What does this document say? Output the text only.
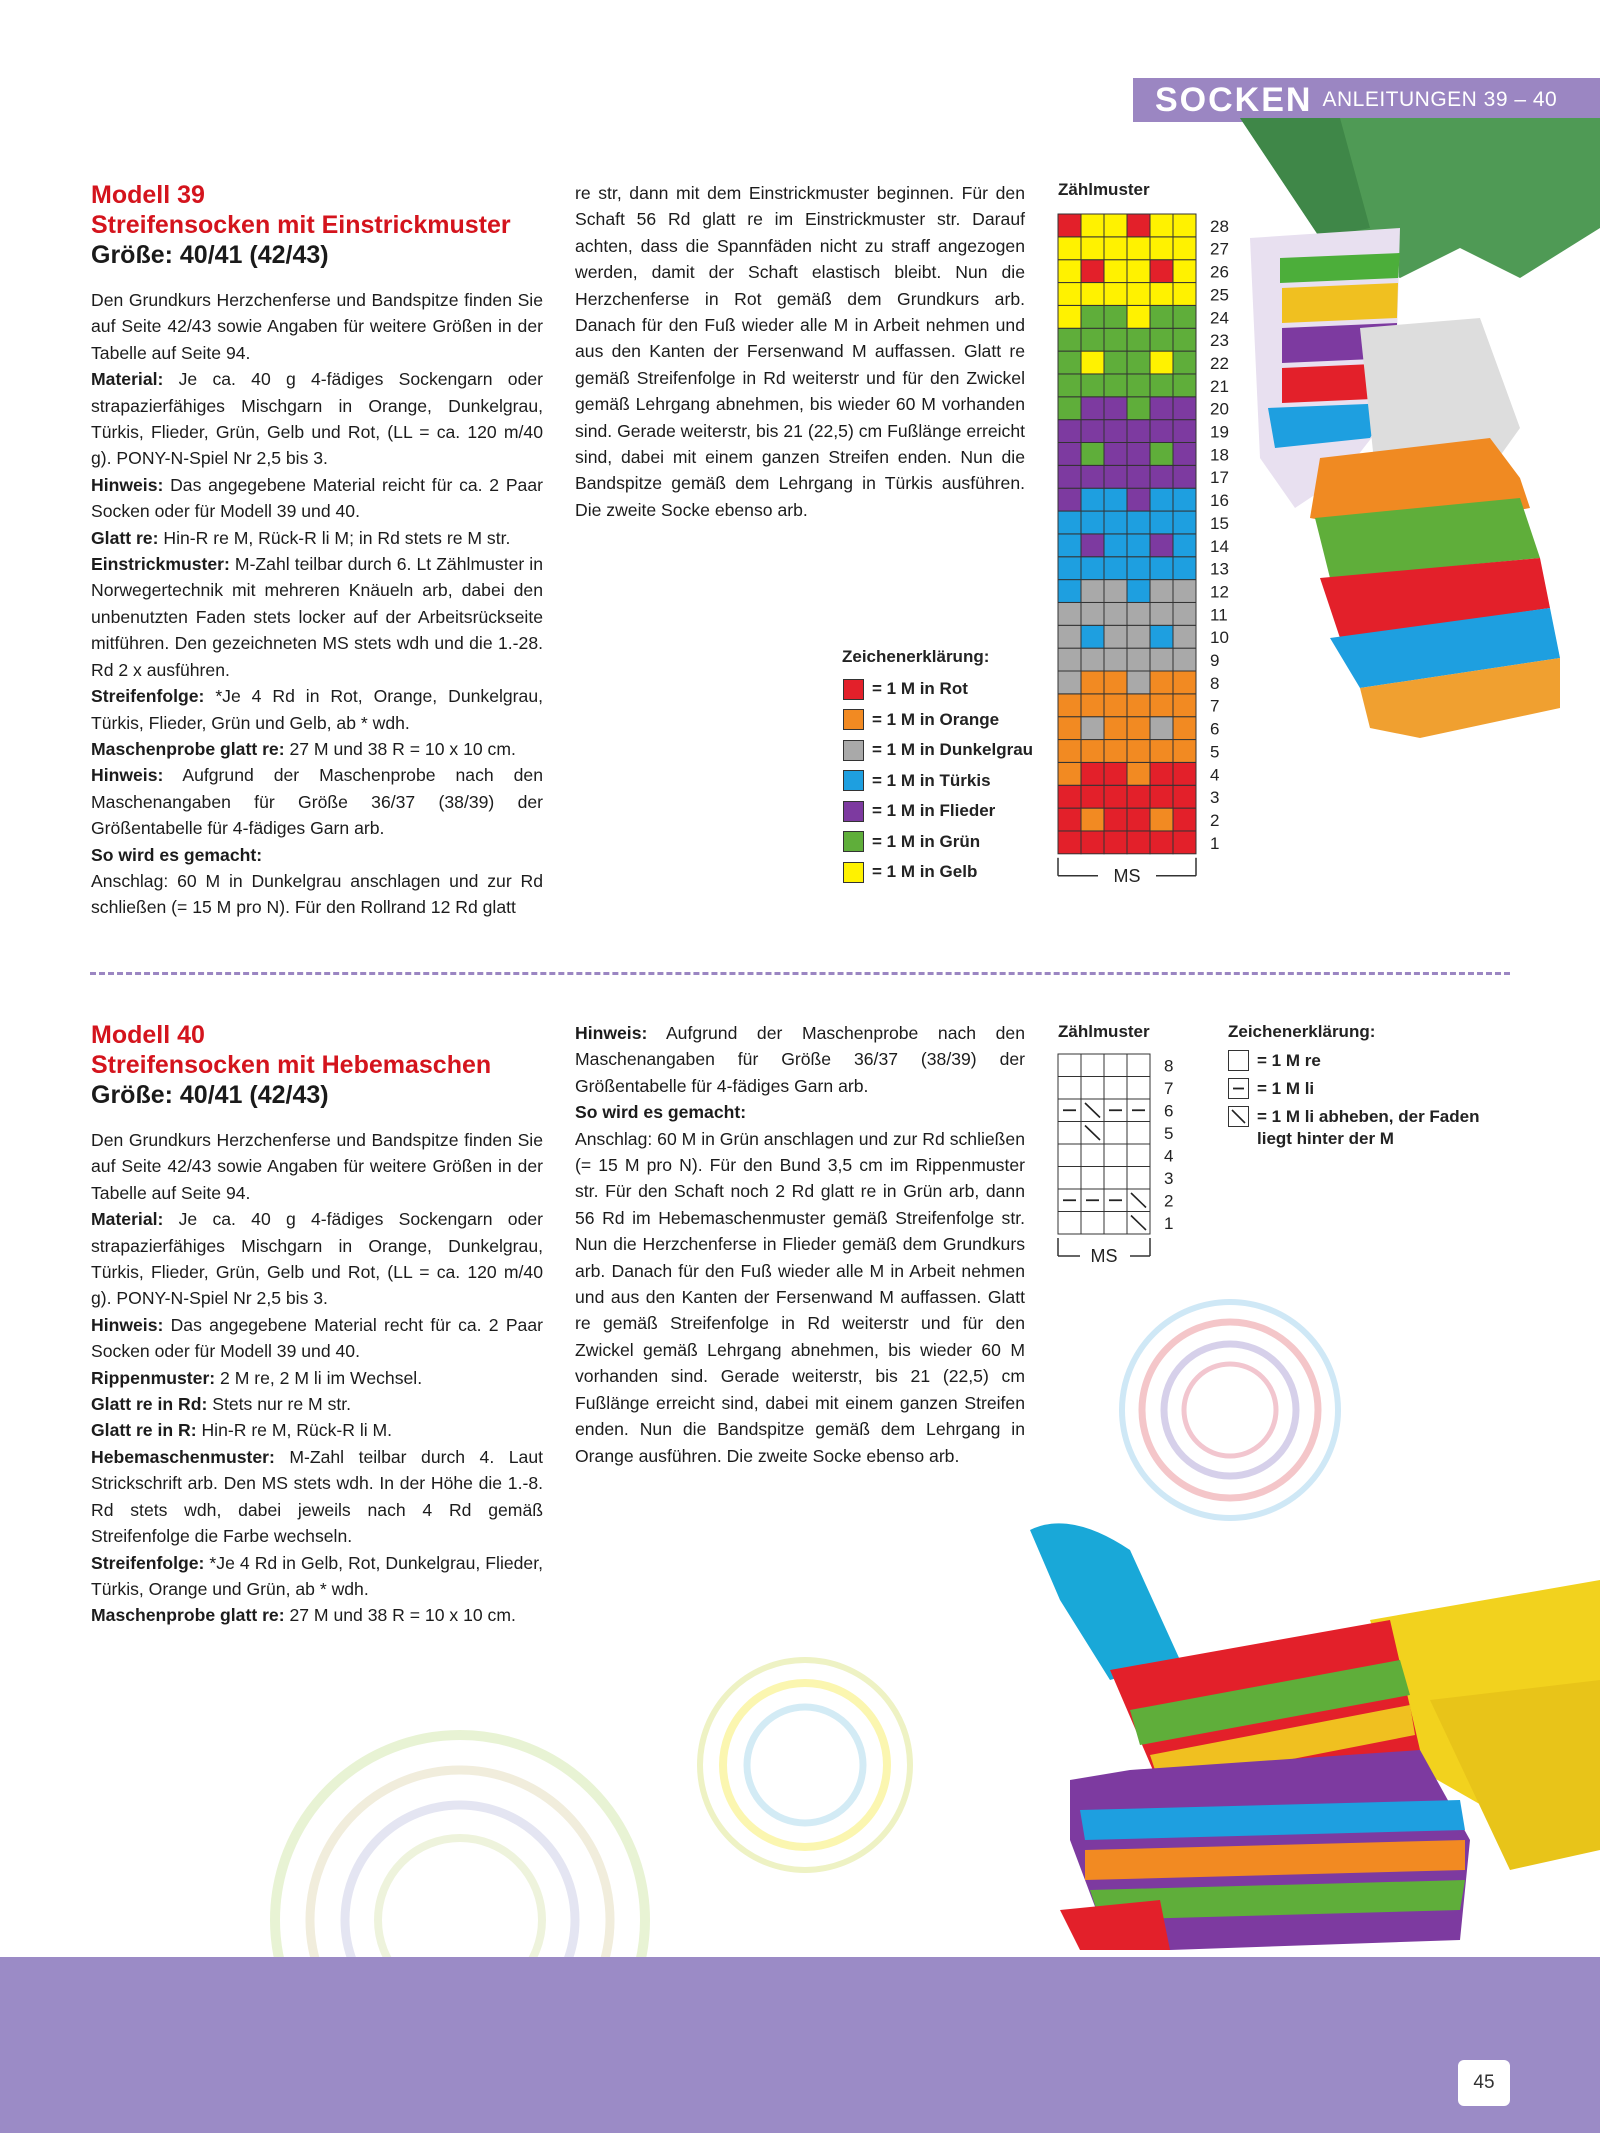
SOCKEN ANLEITUNGEN 39 – 40
Modell 39
Streifensocken mit Einstrickmuster
Größe: 40/41 (42/43)

Den Grundkurs Herzchenferse und Bandspitze finden Sie auf Seite 42/43 sowie Angaben für weitere Größen in der Tabelle auf Seite 94.

Material: Je ca. 40 g 4-fädiges Sockengarn oder strapazierfähiges Mischgarn in Orange, Dunkelgrau, Türkis, Flieder, Grün, Gelb und Rot, (LL = ca. 120 m/40 g). PONY-N-Spiel Nr 2,5 bis 3.

Hinweis: Das angegebene Material reicht für ca. 2 Paar Socken oder für Modell 39 und 40.

Glatt re: Hin-R re M, Rück-R li M; in Rd stets re M str.

Einstrickmuster: M-Zahl teilbar durch 6. Lt Zählmuster in Norwegertechnik mit mehreren Knäueln arb, dabei den unbenutzten Faden stets locker auf der Arbeitsrückseite mitführen. Den gezeichneten MS stets wdh und die 1.-28. Rd 2 x ausführen.

Streifenfolge: *Je 4 Rd in Rot, Orange, Dunkelgrau, Türkis, Flieder, Grün und Gelb, ab * wdh.

Maschenprobe glatt re: 27 M und 38 R = 10 x 10 cm.

Hinweis: Aufgrund der Maschenprobe nach den Maschenangaben für Größe 36/37 (38/39) der Größentabelle für 4-fädiges Garn arb.

So wird es gemacht:

Anschlag: 60 M in Dunkelgrau anschlagen und zur Rd schließen (= 15 M pro N). Für den Rollrand 12 Rd glatt

re str, dann mit dem Einstrickmuster beginnen. Für den Schaft 56 Rd glatt re im Einstrickmuster str. Darauf achten, dass die Spannfäden nicht zu straff angezogen werden, damit der Schaft elastisch bleibt. Nun die Herzchenferse in Rot gemäß dem Grundkurs arb. Danach für den Fuß wieder alle M in Arbeit nehmen und aus den Kanten der Fersenwand M auffassen. Glatt re gemäß Streifenfolge in Rd weiterstr und für den Zwickel gemäß Lehrgang abnehmen, bis wieder 60 M vorhanden sind. Gerade weiterstr, bis 21 (22,5) cm Fußlänge erreicht sind, dabei mit einem ganzen Streifen enden. Nun die Bandspitze gemäß dem Lehrgang in Türkis ausführen. Die zweite Socke ebenso arb.

Zählmuster
1
2
3
4
5
6
7
8
9
10
11
12
13
14
15
16
17
18
19
20
21
22
23
24
25
26
27
28
MS
Zeichenerklärung:
= 1 M in Rot
= 1 M in Orange
= 1 M in Dunkelgrau
= 1 M in Türkis
= 1 M in Flieder
= 1 M in Grün
= 1 M in Gelb
Modell 40
Streifensocken mit Hebemaschen
Größe: 40/41 (42/43)

Den Grundkurs Herzchenferse und Bandspitze finden Sie auf Seite 42/43 sowie Angaben für weitere Größen in der Tabelle auf Seite 94.

Material: Je ca. 40 g 4-fädiges Sockengarn oder strapazierfähiges Mischgarn in Orange, Dunkelgrau, Türkis, Flieder, Grün, Gelb und Rot, (LL = ca. 120 m/40 g). PONY-N-Spiel Nr 2,5 bis 3.

Hinweis: Das angegebene Material recht für ca. 2 Paar Socken oder für Modell 39 und 40.

Rippenmuster: 2 M re, 2 M li im Wechsel.

Glatt re in Rd: Stets nur re M str.

Glatt re in R: Hin-R re M, Rück-R li M.

Hebemaschenmuster: M-Zahl teilbar durch 4. Laut Strickschrift arb. Den MS stets wdh. In der Höhe die 1.-8. Rd stets wdh, dabei jeweils nach 4 Rd gemäß Streifenfolge die Farbe wechseln.

Streifenfolge: *Je 4 Rd in Gelb, Rot, Dunkelgrau, Flieder, Türkis, Orange und Grün, ab * wdh.

Maschenprobe glatt re: 27 M und 38 R = 10 x 10 cm.

Hinweis: Aufgrund der Maschenprobe nach den Maschenangaben für Größe 36/37 (38/39) der Größentabelle für 4-fädiges Garn arb.

So wird es gemacht:

Anschlag: 60 M in Grün anschlagen und zur Rd schließen (= 15 M pro N). Für den Bund 3,5 cm im Rippenmuster str. Für den Schaft noch 2 Rd glatt re in Grün arb, dann 56 Rd im Hebemaschenmuster gemäß Streifenfolge str. Nun die Herzchenferse in Flieder gemäß dem Grundkurs arb. Danach für den Fuß wieder alle M in Arbeit nehmen und aus den Kanten der Fersenwand M auffassen. Glatt re gemäß Streifenfolge in Rd weiterstr und für den Zwickel gemäß Lehrgang abnehmen, bis wieder 60 M vorhanden sind. Gerade weiterstr, bis 21 (22,5) cm Fußlänge erreicht sind, dabei mit einem ganzen Streifen enden. Nun die Bandspitze gemäß dem Lehrgang in Orange ausführen. Die zweite Socke ebenso arb.

Zählmuster
1
2
3
4
5
6
7
8
MS
Zeichenerklärung:
= 1 M re
= 1 M li
= 1 M li abheben, der Faden liegt hinter der M
45
